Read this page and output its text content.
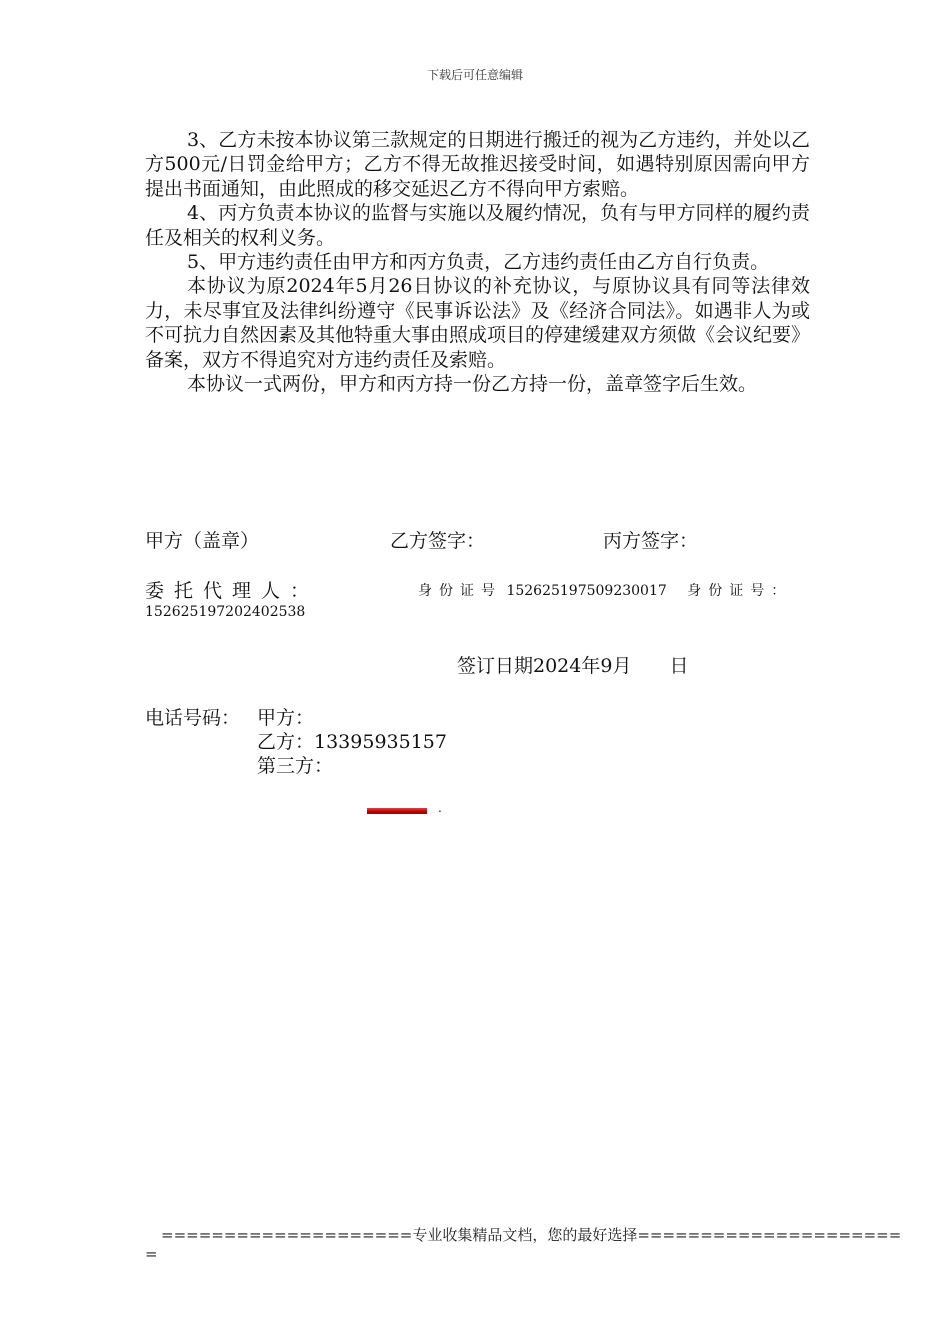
下载后可任意编辑

3、乙方未按本协议第三款规定的日期进行搬迁的视为乙方违约，并处以乙方500元/日罚金给甲方；乙方不得无故推迟接受时间，如遇特别原因需向甲方提出书面通知，由此照成的移交延迟乙方不得向甲方索赔。

4、丙方负责本协议的监督与实施以及履约情况，负有与甲方同样的履约责任及相关的权利义务。

5、甲方违约责任由甲方和丙方负责，乙方违约责任由乙方自行负责。

本协议为原2024年5月26日协议的补充协议，与原协议具有同等法律效力，未尽事宜及法律纠纷遵守《民事诉讼法》及《经济合同法》。如遇非人为或不可抗力自然因素及其他特重大事由照成项目的停建缓建双方须做《会议纪要》备案，双方不得追究对方违约责任及索赔。

本协议一式两份，甲方和丙方持一份乙方持一份，盖章签字后生效。

甲方（盖章）	乙方签字：	丙方签字：
委托代理人：	身份证号 152625197509230017 身份证号：
152625197202402538
签订日期2024年9月　　日
电话号码： 甲方：
乙方：13395935157
第三方：
.
====================专业收集精品文档，您的最好选择=====================
=
